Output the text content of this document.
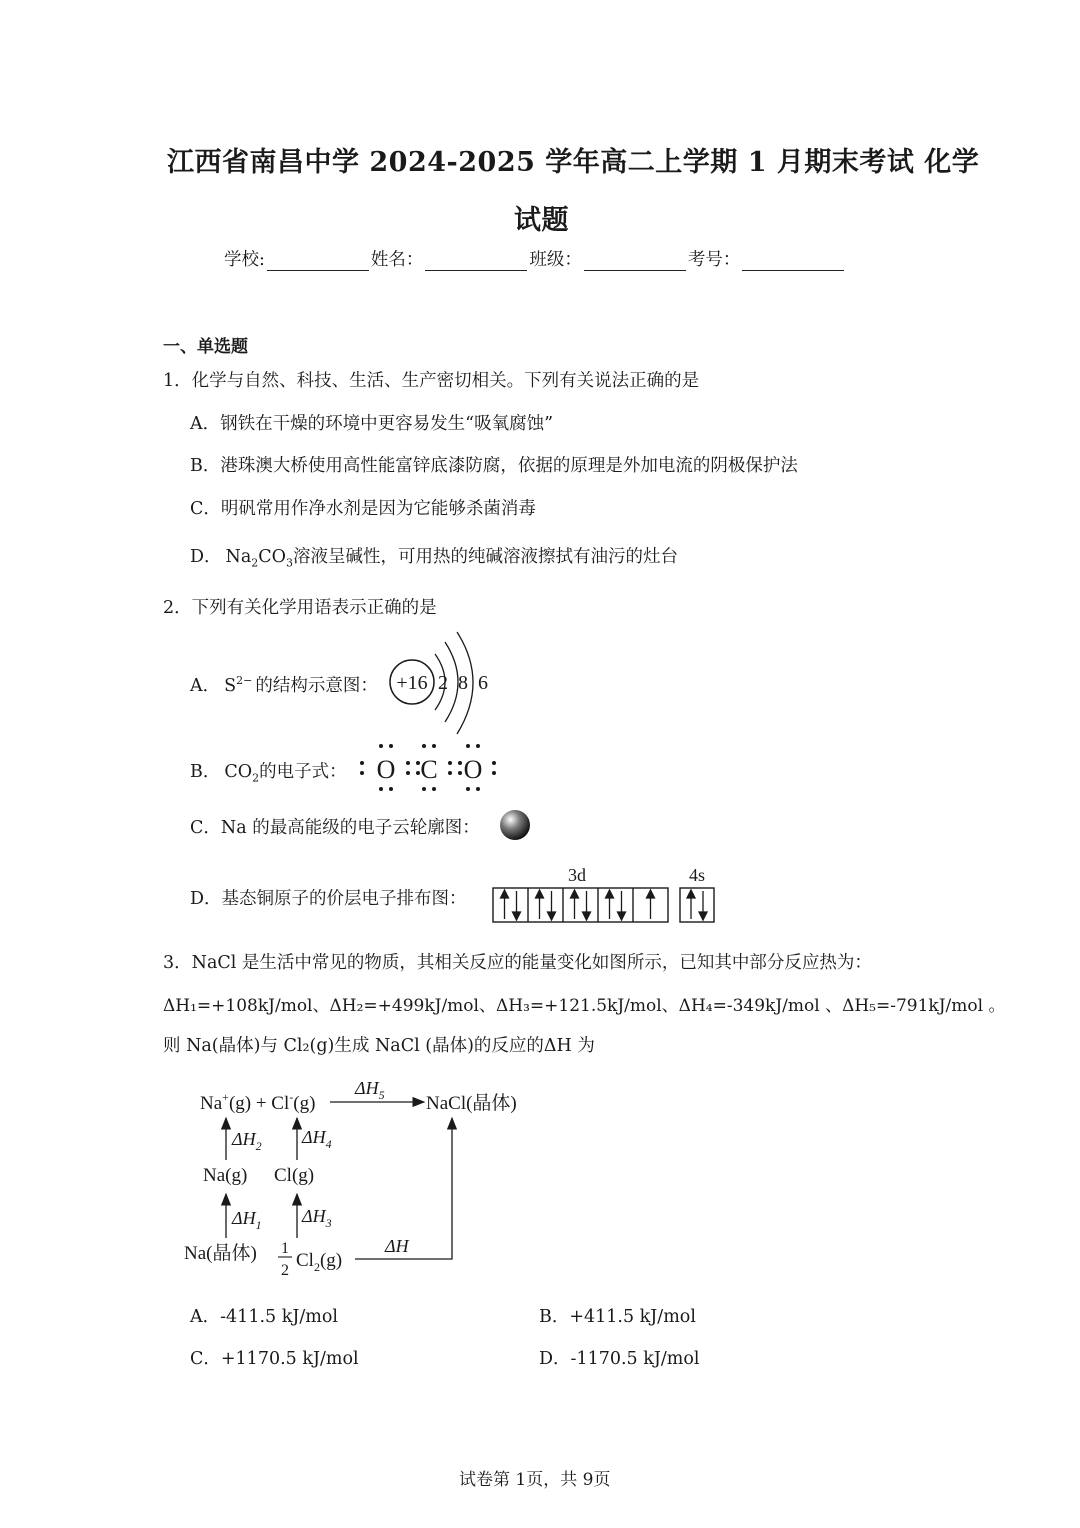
江西省南昌中学 2024-2025 学年高二上学期 1 月期末考试 化学
试题
学校:	姓名：	班级：	考号：
一、单选题
1．化学与自然、科技、生活、生产密切相关。下列有关说法正确的是
A．钢铁在干燥的环境中更容易发生“吸氧腐蚀”
B．港珠澳大桥使用高性能富锌底漆防腐，依据的原理是外加电流的阴极保护法
C．明矾常用作净水剂是因为它能够杀菌消毒
D． $Na_2CO_3$溶液呈碱性，可用热的纯碱溶液擦拭有油污的灶台
2．下列有关化学用语表示正确的是
A． $S^{2-}$ 的结构示意图： +16 2 8 6
B． $CO_2$的电子式： O C O
C．Na 的最高能级的电子云轮廓图：
D．基态铜原子的价层电子排布图：
3d	4s
3．NaCl 是生活中常见的物质，其相关反应的能量变化如图所示，已知其中部分反应热为：
ΔH₁=+108kJ/mol、ΔH₂=+499kJ/mol、ΔH₃=+121.5kJ/mol、ΔH₄=-349kJ/mol 、ΔH₅=-791kJ/mol 。
则 Na(晶体)与 Cl₂(g)生成 NaCl (晶体)的反应的ΔH 为
Na+(g) + Cl-(g)
$\Delta H_5$ NaCl(晶体)
$\Delta H_2$ $\Delta H_4$
Na(g) Cl(g)
$\Delta H_1$ $\Delta H_3$
Na(晶体) 1
2 $Cl_2(g)$
ΔH
A．-411.5 kJ/mol	B．+411.5 kJ/mol
C．+1170.5 kJ/mol	D．-1170.5 kJ/mol
试卷第 1页，共 9页
